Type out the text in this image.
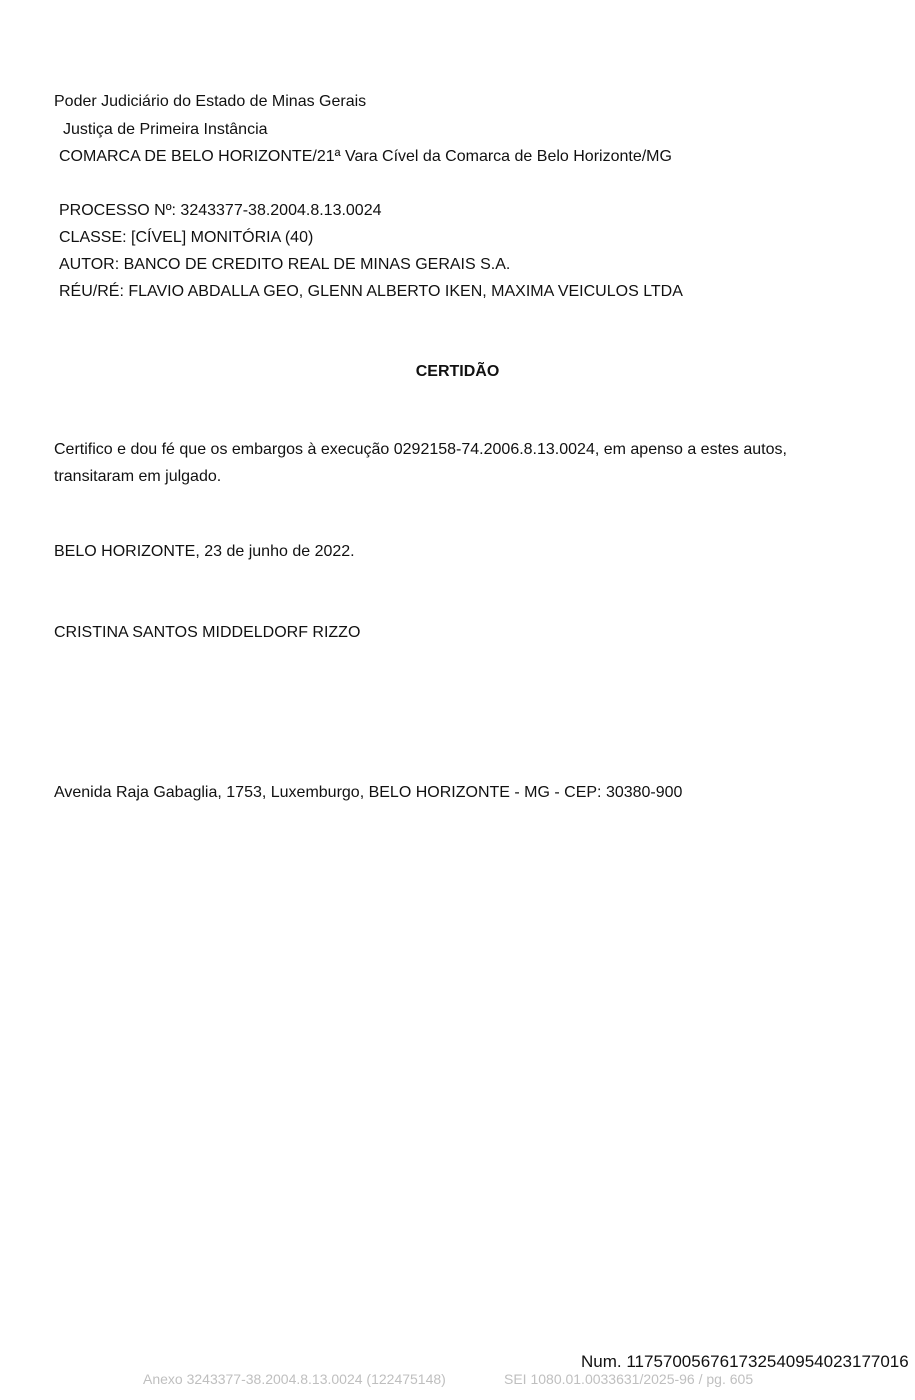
Poder Judiciário do Estado de Minas Gerais
Justiça de Primeira Instância
COMARCA DE BELO HORIZONTE/21ª Vara Cível da Comarca de Belo Horizonte/MG
PROCESSO Nº: 3243377-38.2004.8.13.0024
CLASSE: [CÍVEL] MONITÓRIA (40)
AUTOR: BANCO DE CREDITO REAL DE MINAS GERAIS S.A.
RÉU/RÉ: FLAVIO ABDALLA GEO, GLENN ALBERTO IKEN, MAXIMA VEICULOS LTDA
CERTIDÃO
Certifico e dou fé que os embargos à execução 0292158-74.2006.8.13.0024, em apenso a estes autos,
transitaram em julgado.
BELO HORIZONTE, 23 de junho de 2022.
CRISTINA SANTOS MIDDELDORF RIZZO
Avenida Raja Gabaglia, 1753, Luxemburgo, BELO HORIZONTE - MG - CEP: 30380-900
Num. 117570056761732540954023177016
Anexo 3243377-38.2004.8.13.0024 (122475148)	SEI 1080.01.0033631/2025-96 / pg. 605
